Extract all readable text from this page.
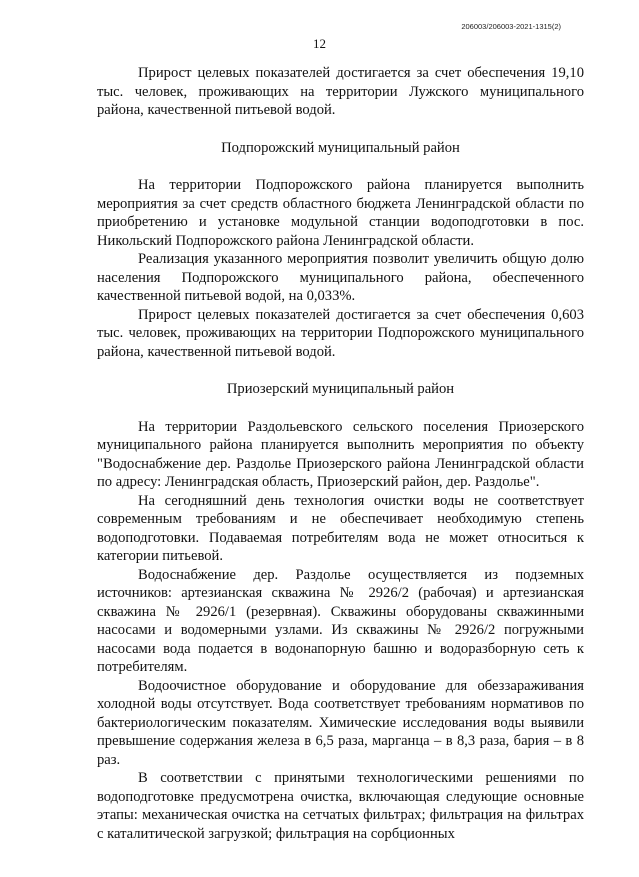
206003/206003-2021-1315(2)
12

Прирост целевых показателей достигается за счет обеспечения 19,10 тыс. человек, проживающих на территории Лужского муниципального района, качественной питьевой водой.

Подпорожский муниципальный район

На территории Подпорожского района планируется выполнить мероприятия за счет средств областного бюджета Ленинградской области по приобретению и установке модульной станции водоподготовки в пос. Никольский Подпорожского района Ленинградской области.

Реализация указанного мероприятия позволит увеличить общую долю населения Подпорожского муниципального района, обеспеченного качественной питьевой водой, на 0,033%.

Прирост целевых показателей достигается за счет обеспечения 0,603 тыс. человек, проживающих на территории Подпорожского муниципального района, качественной питьевой водой.

Приозерский муниципальный район

На территории Раздольевского сельского поселения Приозерского муниципального района планируется выполнить мероприятия по объекту "Водоснабжение дер. Раздолье Приозерского района Ленинградской области по адресу: Ленинградская область, Приозерский район, дер. Раздолье".

На сегодняшний день технология очистки воды не соответствует современным требованиям и не обеспечивает необходимую степень водоподготовки. Подаваемая потребителям вода не может относиться к категории питьевой.

Водоснабжение дер. Раздолье осуществляется из подземных источников: артезианская скважина № 2926/2 (рабочая) и артезианская скважина № 2926/1 (резервная). Скважины оборудованы скважинными насосами и водомерными узлами. Из скважины № 2926/2 погружными насосами вода подается в водонапорную башню и водоразборную сеть к потребителям.

Водоочистное оборудование и оборудование для обеззараживания холодной воды отсутствует. Вода соответствует требованиям нормативов по бактериологическим показателям. Химические исследования воды выявили превышение содержания железа в 6,5 раза, марганца – в 8,3 раза, бария – в 8 раз.

В соответствии с принятыми технологическими решениями по водоподготовке предусмотрена очистка, включающая следующие основные этапы: механическая очистка на сетчатых фильтрах; фильтрация на фильтрах с каталитической загрузкой; фильтрация на сорбционных
